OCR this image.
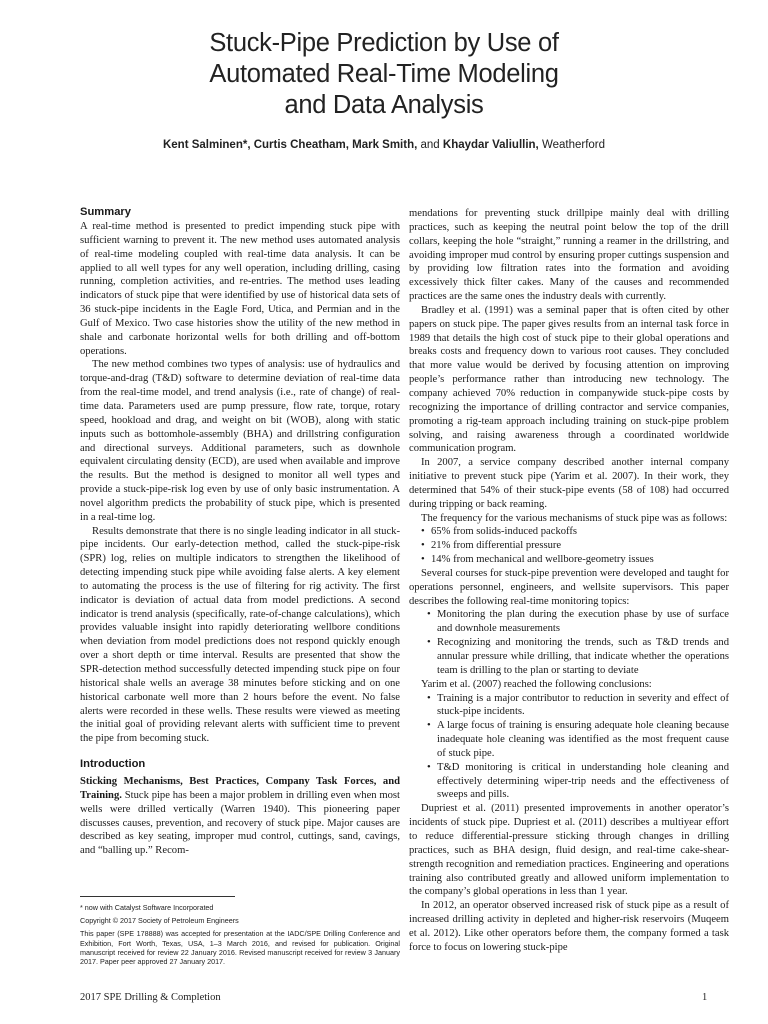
Stuck-Pipe Prediction by Use of
Automated Real-Time Modeling
and Data Analysis
Kent Salminen*, Curtis Cheatham, Mark Smith, and Khaydar Valiullin, Weatherford
Summary

A real-time method is presented to predict impending stuck pipe with sufficient warning to prevent it. The new method uses automated analysis of real-time modeling coupled with real-time data analysis. It can be applied to all well types for any well operation, including drilling, casing running, completion activities, and re-entries. The method uses leading indicators of stuck pipe that were identified by use of historical data sets of 36 stuck-pipe incidents in the Eagle Ford, Utica, and Permian and in the Gulf of Mexico. Two case histories show the utility of the new method in shale and carbonate horizontal wells for both drilling and off-bottom operations.

The new method combines two types of analysis: use of hydraulics and torque-and-drag (T&D) software to determine deviation of real-time data from the real-time model, and trend analysis (i.e., rate of change) of real-time data. Parameters used are pump pressure, flow rate, torque, rotary speed, hookload and drag, and weight on bit (WOB), along with static inputs such as bottomhole-assembly (BHA) and drillstring configuration and directional surveys. Additional parameters, such as downhole equivalent circulating density (ECD), are used when available and improve the results. But the method is designed to monitor all well types and provide a stuck-pipe-risk log even by use of only basic instrumentation. A novel algorithm predicts the probability of stuck pipe, which is presented in a real-time log.

Results demonstrate that there is no single leading indicator in all stuck-pipe incidents. Our early-detection method, called the stuck-pipe-risk (SPR) log, relies on multiple indicators to strengthen the likelihood of detecting impending stuck pipe while avoiding false alerts. A key element to automating the process is the use of filtering for rig activity. The first indicator is deviation of actual data from model predictions. A second indicator is trend analysis (specifically, rate-of-change calculations), which provides valuable insight into rapidly deteriorating wellbore conditions when deviation from model predictions does not respond quickly enough over a short depth or time interval. Results are presented that show the SPR-detection method successfully detected impending stuck pipe on four historical shale wells an average 38 minutes before sticking and on one historical carbonate well more than 2 hours before the event. No false alerts were recorded in these wells. These results were viewed as meeting the initial goal of providing relevant alerts with sufficient time to prevent the pipe from becoming stuck.

Introduction

Sticking Mechanisms, Best Practices, Company Task Forces, and Training. Stuck pipe has been a major problem in drilling even when most wells were drilled vertically (Warren 1940). This pioneering paper discusses causes, prevention, and recovery of stuck pipe. Major causes are described as key seating, improper mud control, cuttings, sand, cavings, and “balling up.” Recom-

mendations for preventing stuck drillpipe mainly deal with drilling practices, such as keeping the neutral point below the top of the drill collars, keeping the hole “straight,” running a reamer in the drillstring, and avoiding improper mud control by ensuring proper cuttings suspension and by providing low filtration rates into the formation and avoiding excessively thick filter cakes. Many of the causes and recommended practices are the same ones the industry deals with currently.

Bradley et al. (1991) was a seminal paper that is often cited by other papers on stuck pipe. The paper gives results from an internal task force in 1989 that details the high cost of stuck pipe to their global operations and breaks costs and frequency down to various root causes. They concluded that more value would be derived by focusing attention on improving people’s performance rather than introducing new technology. The company achieved 70% reduction in companywide stuck-pipe costs by recognizing the importance of drilling contractor and service companies, promoting a rig-team approach including training on stuck-pipe problem solving, and raising awareness through a coordinated worldwide communication program.

In 2007, a service company described another internal company initiative to prevent stuck pipe (Yarim et al. 2007). In their work, they determined that 54% of their stuck-pipe events (58 of 108) had occurred during tripping or back reaming.

The frequency for the various mechanisms of stuck pipe was as follows:

• 65% from solids-induced packoffs
• 21% from differential pressure
• 14% from mechanical and wellbore-geometry issues

Several courses for stuck-pipe prevention were developed and taught for operations personnel, engineers, and wellsite supervisors. This paper describes the following real-time monitoring topics:

• Monitoring the plan during the execution phase by use of surface and downhole measurements
• Recognizing and monitoring the trends, such as T&D trends and annular pressure while drilling, that indicate whether the operations team is drilling to the plan or starting to deviate

Yarim et al. (2007) reached the following conclusions:

• Training is a major contributor to reduction in severity and effect of stuck-pipe incidents.
• A large focus of training is ensuring adequate hole cleaning because inadequate hole cleaning was identified as the most frequent cause of stuck pipe.
• T&D monitoring is critical in understanding hole cleaning and effectively determining wiper-trip needs and the effectiveness of sweeps and pills.

Dupriest et al. (2011) presented improvements in another operator’s incidents of stuck pipe. Dupriest et al. (2011) describes a multiyear effort to reduce differential-pressure sticking through changes in drilling practices, such as BHA design, fluid design, and real-time cake-shear-strength recognition and remediation practices. Engineering and operations training also contributed greatly and allowed uniform implementation to the company’s global operations in less than 1 year.

In 2012, an operator observed increased risk of stuck pipe as a result of increased drilling activity in depleted and higher-risk reservoirs (Muqeem et al. 2012). Like other operators before them, the company formed a task force to focus on lowering stuck-pipe

* now with Catalyst Software Incorporated

Copyright © 2017 Society of Petroleum Engineers

This paper (SPE 178888) was accepted for presentation at the IADC/SPE Drilling Conference and Exhibition, Fort Worth, Texas, USA, 1–3 March 2016, and revised for publication. Original manuscript received for review 22 January 2016. Revised manuscript received for review 3 January 2017. Paper peer approved 27 January 2017.

2017 SPE Drilling & Completion	1
